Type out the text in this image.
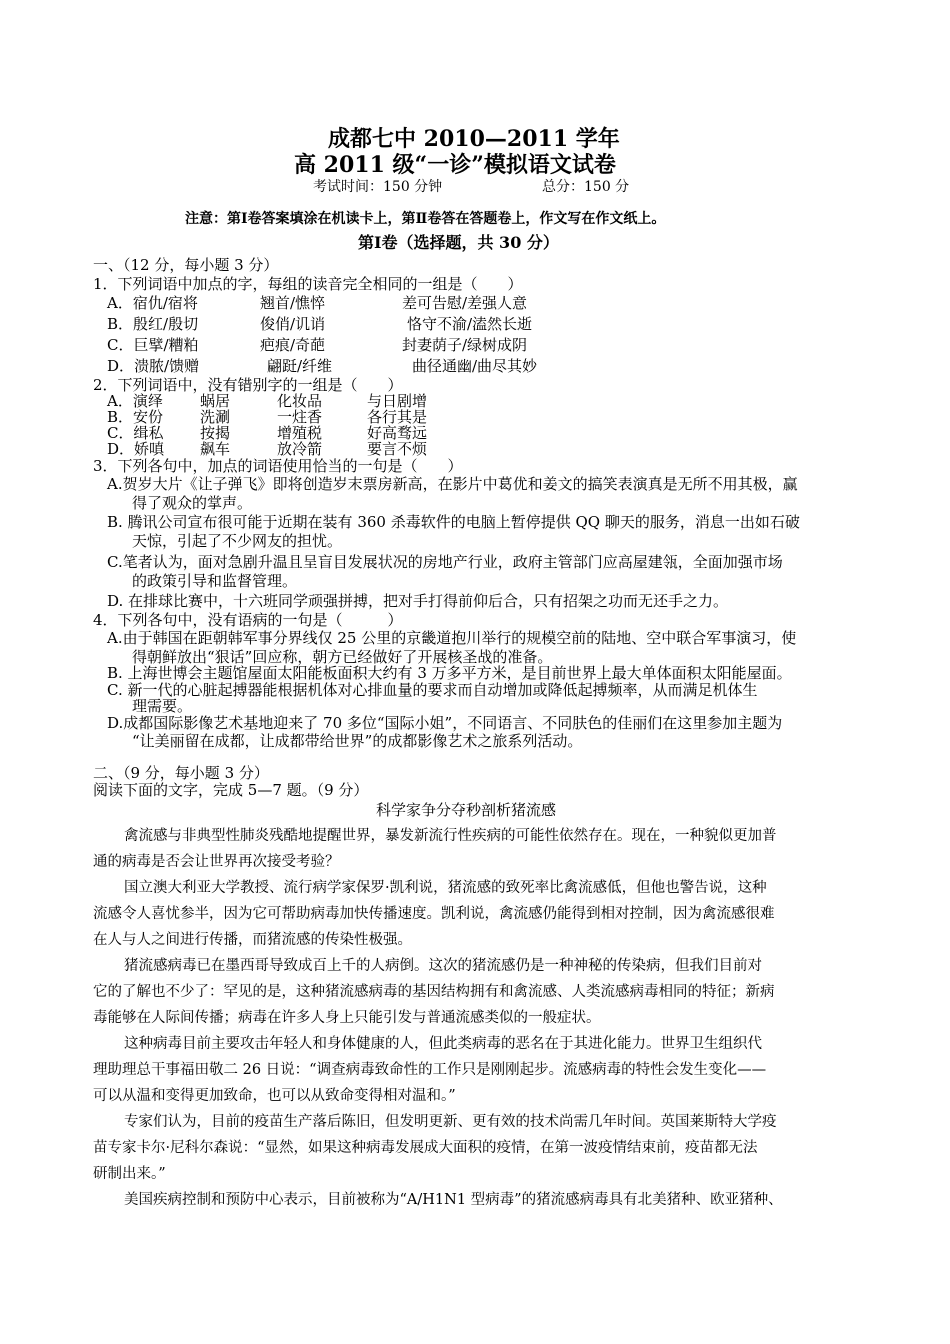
成都七中 2010—2011 学年
高 2011 级“一诊”模拟语文试卷
考试时间：150 分钟	总分：150 分
注意：第Ⅰ卷答案填涂在机读卡上，第Ⅱ卷答在答题卷上，作文写在作文纸上。
第Ⅰ卷（选择题，共 30 分）
一、（12 分，每小题 3 分）
1．下列词语中加点的字，每组的读音完全相同的一组是（　　）
A．宿仇/宿将	翘首/憔悴	差可告慰/差强人意
B．殷红/殷切	俊俏/讥诮	恪守不渝/溘然长逝
C．巨擘/糟粕	疤痕/奇葩	封妻荫子/绿树成阴
D．溃脓/馈赠	翩跹/纤维	曲径通幽/曲尽其妙
2．下列词语中，没有错别字的一组是（　　）
A．演绎 蜗居	化妆品	与日剧增
B．安份 洗涮	一炷香	各行其是
C．缉私 按揭	增殖税	好高骛远
D．娇嗔 飙车	放冷箭	要言不烦
3．下列各句中，加点的词语使用恰当的一句是（　　）
A.贺岁大片《让子弹飞》即将创造岁末票房新高，在影片中葛优和姜文的搞笑表演真是无所不用其极，赢
得了观众的掌声。
B. 腾讯公司宣布很可能于近期在装有 360 杀毒软件的电脑上暂停提供 QQ 聊天的服务，消息一出如石破
天惊，引起了不少网友的担忧。
C.笔者认为，面对急剧升温且呈盲目发展状况的房地产行业，政府主管部门应高屋建瓴，全面加强市场
的政策引导和监督管理。
D. 在排球比赛中，十六班同学顽强拼搏，把对手打得前仰后合，只有招架之功而无还手之力。
4．下列各句中，没有语病的一句是（　　　）
A.由于韩国在距朝韩军事分界线仅 25 公里的京畿道抱川举行的规模空前的陆地、空中联合军事演习，使
得朝鲜放出“狠话”回应称，朝方已经做好了开展核圣战的准备。
B. 上海世博会主题馆屋面太阳能板面积大约有 3 万多平方米，是目前世界上最大单体面积太阳能屋面。
C. 新一代的心脏起搏器能根据机体对心排血量的要求而自动增加或降低起搏频率，从而满足机体生
理需要。
D.成都国际影像艺术基地迎来了 70 多位“国际小姐”，不同语言、不同肤色的佳丽们在这里参加主题为
“让美丽留在成都，让成都带给世界”的成都影像艺术之旅系列活动。
二、（9 分，每小题 3 分）
阅读下面的文字，完成 5—7 题。（9 分）
科学家争分夺秒剖析猪流感
禽流感与非典型性肺炎残酷地提醒世界，暴发新流行性疾病的可能性依然存在。现在，一种貌似更加普
通的病毒是否会让世界再次接受考验？
国立澳大利亚大学教授、流行病学家保罗·凯利说，猪流感的致死率比禽流感低，但他也警告说，这种
流感令人喜忧参半，因为它可帮助病毒加快传播速度。凯利说，禽流感仍能得到相对控制，因为禽流感很难
在人与人之间进行传播，而猪流感的传染性极强。
猪流感病毒已在墨西哥导致成百上千的人病倒。这次的猪流感仍是一种神秘的传染病，但我们目前对
它的了解也不少了：罕见的是，这种猪流感病毒的基因结构拥有和禽流感、人类流感病毒相同的特征；新病
毒能够在人际间传播；病毒在许多人身上只能引发与普通流感类似的一般症状。
这种病毒目前主要攻击年轻人和身体健康的人，但此类病毒的恶名在于其进化能力。世界卫生组织代
理助理总干事福田敬二 26 日说：“调查病毒致命性的工作只是刚刚起步。流感病毒的特性会发生变化——
可以从温和变得更加致命，也可以从致命变得相对温和。”
专家们认为，目前的疫苗生产落后陈旧，但发明更新、更有效的技术尚需几年时间。英国莱斯特大学疫
苗专家卡尔·尼科尔森说：“显然，如果这种病毒发展成大面积的疫情，在第一波疫情结束前，疫苗都无法
研制出来。”
美国疾病控制和预防中心表示，目前被称为“A/H1N1 型病毒”的猪流感病毒具有北美猪种、欧亚猪种、
